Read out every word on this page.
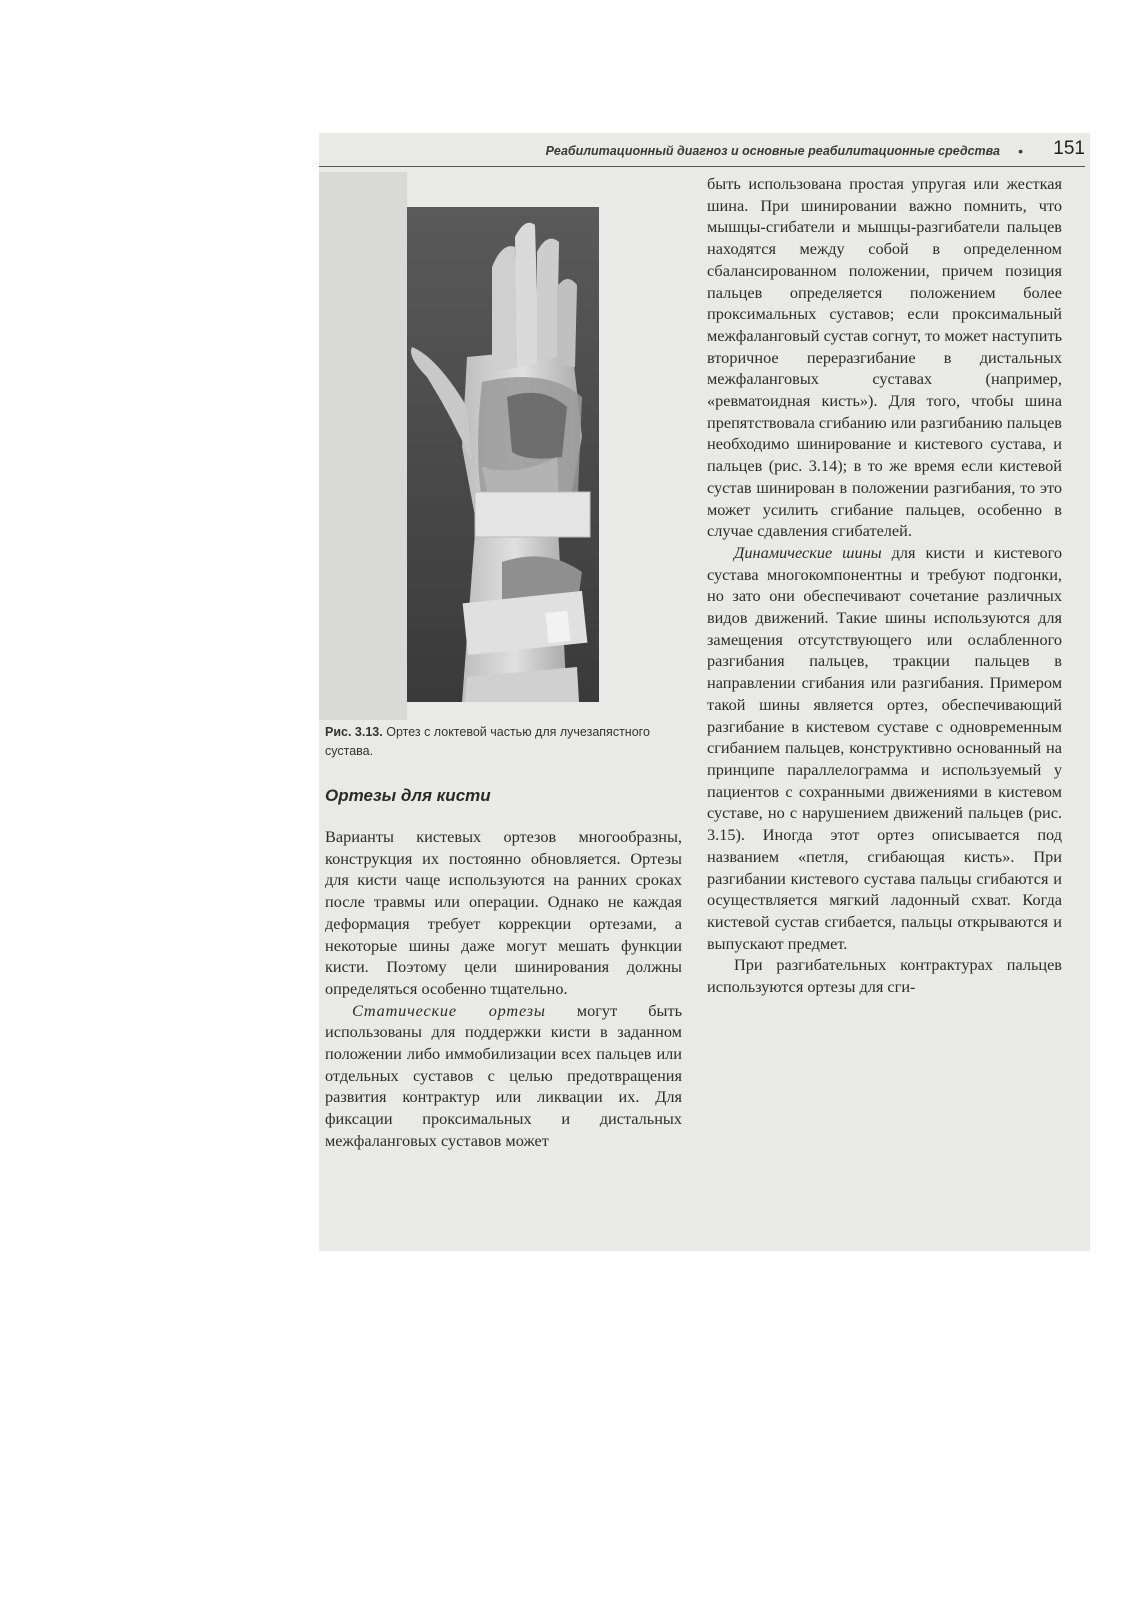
Реабилитационный диагноз и основные реабилитационные средства • 151
Рис. 3.13. Ортез с локтевой частью для лучезапястного сустава.
Ортезы для кисти

Варианты кистевых ортезов многообразны, конструкция их постоянно обновляется. Ортезы для кисти чаще используются на ранних сроках после травмы или операции. Однако не каждая деформация требует коррекции ортезами, а некоторые шины даже могут мешать функции кисти. Поэтому цели шинирования должны определяться особенно тщательно.

Статические ортезы могут быть использованы для поддержки кисти в заданном положении либо иммобилизации всех пальцев или отдельных суставов с целью предотвращения развития контрактур или ликвации их. Для фиксации проксимальных и дистальных межфаланговых суставов может

быть использована простая упругая или жесткая шина. При шинировании важно помнить, что мышцы-сгибатели и мышцы-разгибатели пальцев находятся между собой в определенном сбалансированном положении, причем позиция пальцев определяется положением более проксимальных суставов; если проксимальный межфаланговый сустав согнут, то может наступить вторичное переразгибание в дистальных межфаланговых суставах (например, «ревматоидная кисть»). Для того, чтобы шина препятствовала сгибанию или разгибанию пальцев необходимо шинирование и кистевого сустава, и пальцев (рис. 3.14); в то же время если кистевой сустав шинирован в положении разгибания, то это может усилить сгибание пальцев, особенно в случае сдавления сгибателей.

Динамические шины для кисти и кистевого сустава многокомпонентны и требуют подгонки, но зато они обеспечивают сочетание различных видов движений. Такие шины используются для замещения отсутствующего или ослабленного разгибания пальцев, тракции пальцев в направлении сгибания или разгибания. Примером такой шины является ортез, обеспечивающий разгибание в кистевом суставе с одновременным сгибанием пальцев, конструктивно основанный на принципе параллелограмма и используемый у пациентов с сохранными движениями в кистевом суставе, но с нарушением движений пальцев (рис. 3.15). Иногда этот ортез описывается под названием «петля, сгибающая кисть». При разгибании кистевого сустава пальцы сгибаются и осуществляется мягкий ладонный схват. Когда кистевой сустав сгибается, пальцы открываются и выпускают предмет.

При разгибательных контрактурах пальцев используются ортезы для сги-
